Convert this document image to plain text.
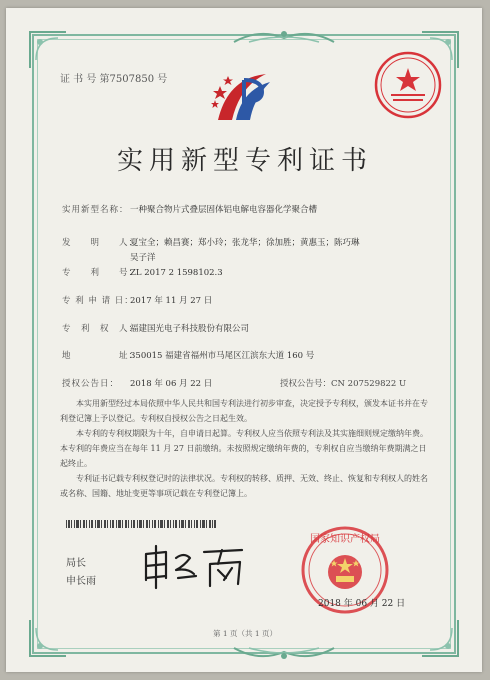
证 书 号 第7507850 号
实用新型专利证书
实用新型名称：一种聚合物片式叠层固体铝电解电容器化学聚合槽
发　　明　　人：夏宝全；赖昌赛；郑小玲；张龙华；徐加胜；黄惠玉；陈巧琳
吴子洋
专　　利　　号：ZL 2017 2 1598102.3
专 利 申 请 日：2017 年 11 月 27 日
专　利　权　人：福建国光电子科技股份有限公司
地　　　　　址：350015 福建省福州市马尾区江滨东大道 160 号
授权公告日： 2018 年 06 月 22 日	授权公告号：CN 207529822 U

本实用新型经过本局依照中华人民共和国专利法进行初步审查，决定授予专利权，颁发本证书并在专利登记簿上予以登记。专利权自授权公告之日起生效。

本专利的专利权期限为十年，自申请日起算。专利权人应当依照专利法及其实施细则规定缴纳年费。本专利的年费应当在每年 11 月 27 日前缴纳。未按照规定缴纳年费的，专利权自应当缴纳年费期满之日起终止。

专利证书记载专利权登记时的法律状况。专利权的转移、质押、无效、终止、恢复和专利权人的姓名或名称、国籍、地址变更等事项记载在专利登记簿上。

局长
申长雨
国家知识产权局
2018 年 06 月 22 日
第 1 页（共 1 页）
